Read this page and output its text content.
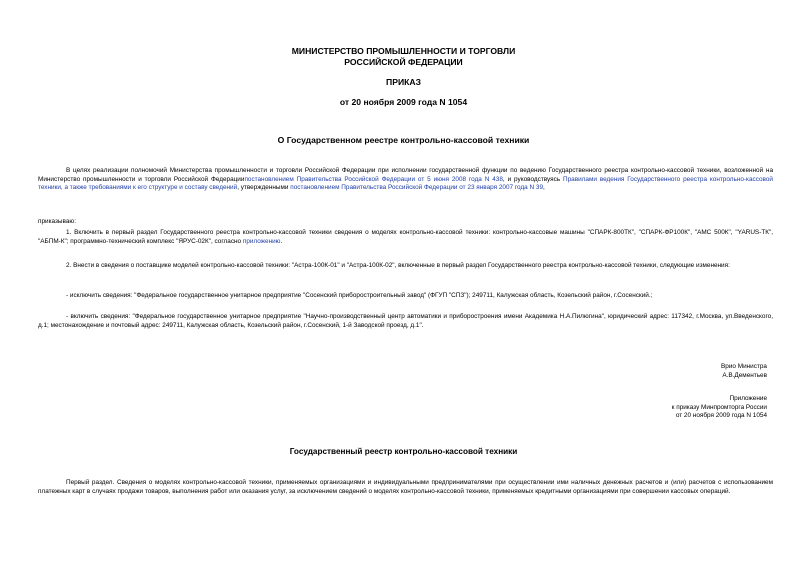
МИНИСТЕРСТВО ПРОМЫШЛЕННОСТИ И ТОРГОВЛИ
РОССИЙСКОЙ ФЕДЕРАЦИИ
ПРИКАЗ
от 20 ноября 2009 года N 1054
О Государственном реестре контрольно-кассовой техники
В целях реализации полномочий Министерства промышленности и торговли Российской Федерации при исполнении государственной функции по ведению Государственного реестра контрольно-кассовой техники, возложенной на Министерство промышленности и торговли Российской Федерациипостановлением Правительства Российской Федерации от 5 июня 2008 года N 438, и руководствуясь Правилами ведения Государственного реестра контрольно-кассовой техники, а также требованиями к его структуре и составу сведений, утвержденными постановлением Правительства Российской Федерации от 23 января 2007 года N 39,
приказываю:
1. Включить в первый раздел Государственного реестра контрольно-кассовой техники сведения о моделях контрольно-кассовой техники: контрольно-кассовые машины "СПАРК-800ТК", "СПАРК-ФР100К", "АМС 500К", "YARUS-ТК", "АБПМ-К"; программно-технический комплекс "ЯРУС-02К", согласно приложению.
2. Внести в сведения о поставщике моделей контрольно-кассовой техники: "Астра-100К-01" и "Астра-100К-02", включенные в первый раздел Государственного реестра контрольно-кассовой техники, следующие изменения:
- исключить сведения: "Федеральное государственное унитарное предприятие "Сосенский приборостроительный завод" (ФГУП "СПЗ"); 249711, Калужская область, Козельский район, г.Сосенский.;
- включить сведения: "Федеральное государственное унитарное предприятие "Научно-производственный центр автоматики и приборостроения имени Академика Н.А.Пилюгина", юридический адрес: 117342, г.Москва, ул.Введенского, д.1; местонахождение и почтовый адрес: 249711, Калужская область, Козельский район, г.Сосенский, 1-й Заводской проезд, д.1".
Врио Министра
А.В.Дементьев
Приложение
к приказу Минпромторга России
от 20 ноября 2009 года N 1054
Государственный реестр контрольно-кассовой техники
Первый раздел. Сведения о моделях контрольно-кассовой техники, применяемых организациями и индивидуальными предпринимателями при осуществлении ими наличных денежных расчетов и (или) расчетов с использованием платежных карт в случаях продажи товаров, выполнения работ или оказания услуг, за исключением сведений о моделях контрольно-кассовой техники, применяемых кредитными организациями при совершении кассовых операций.
